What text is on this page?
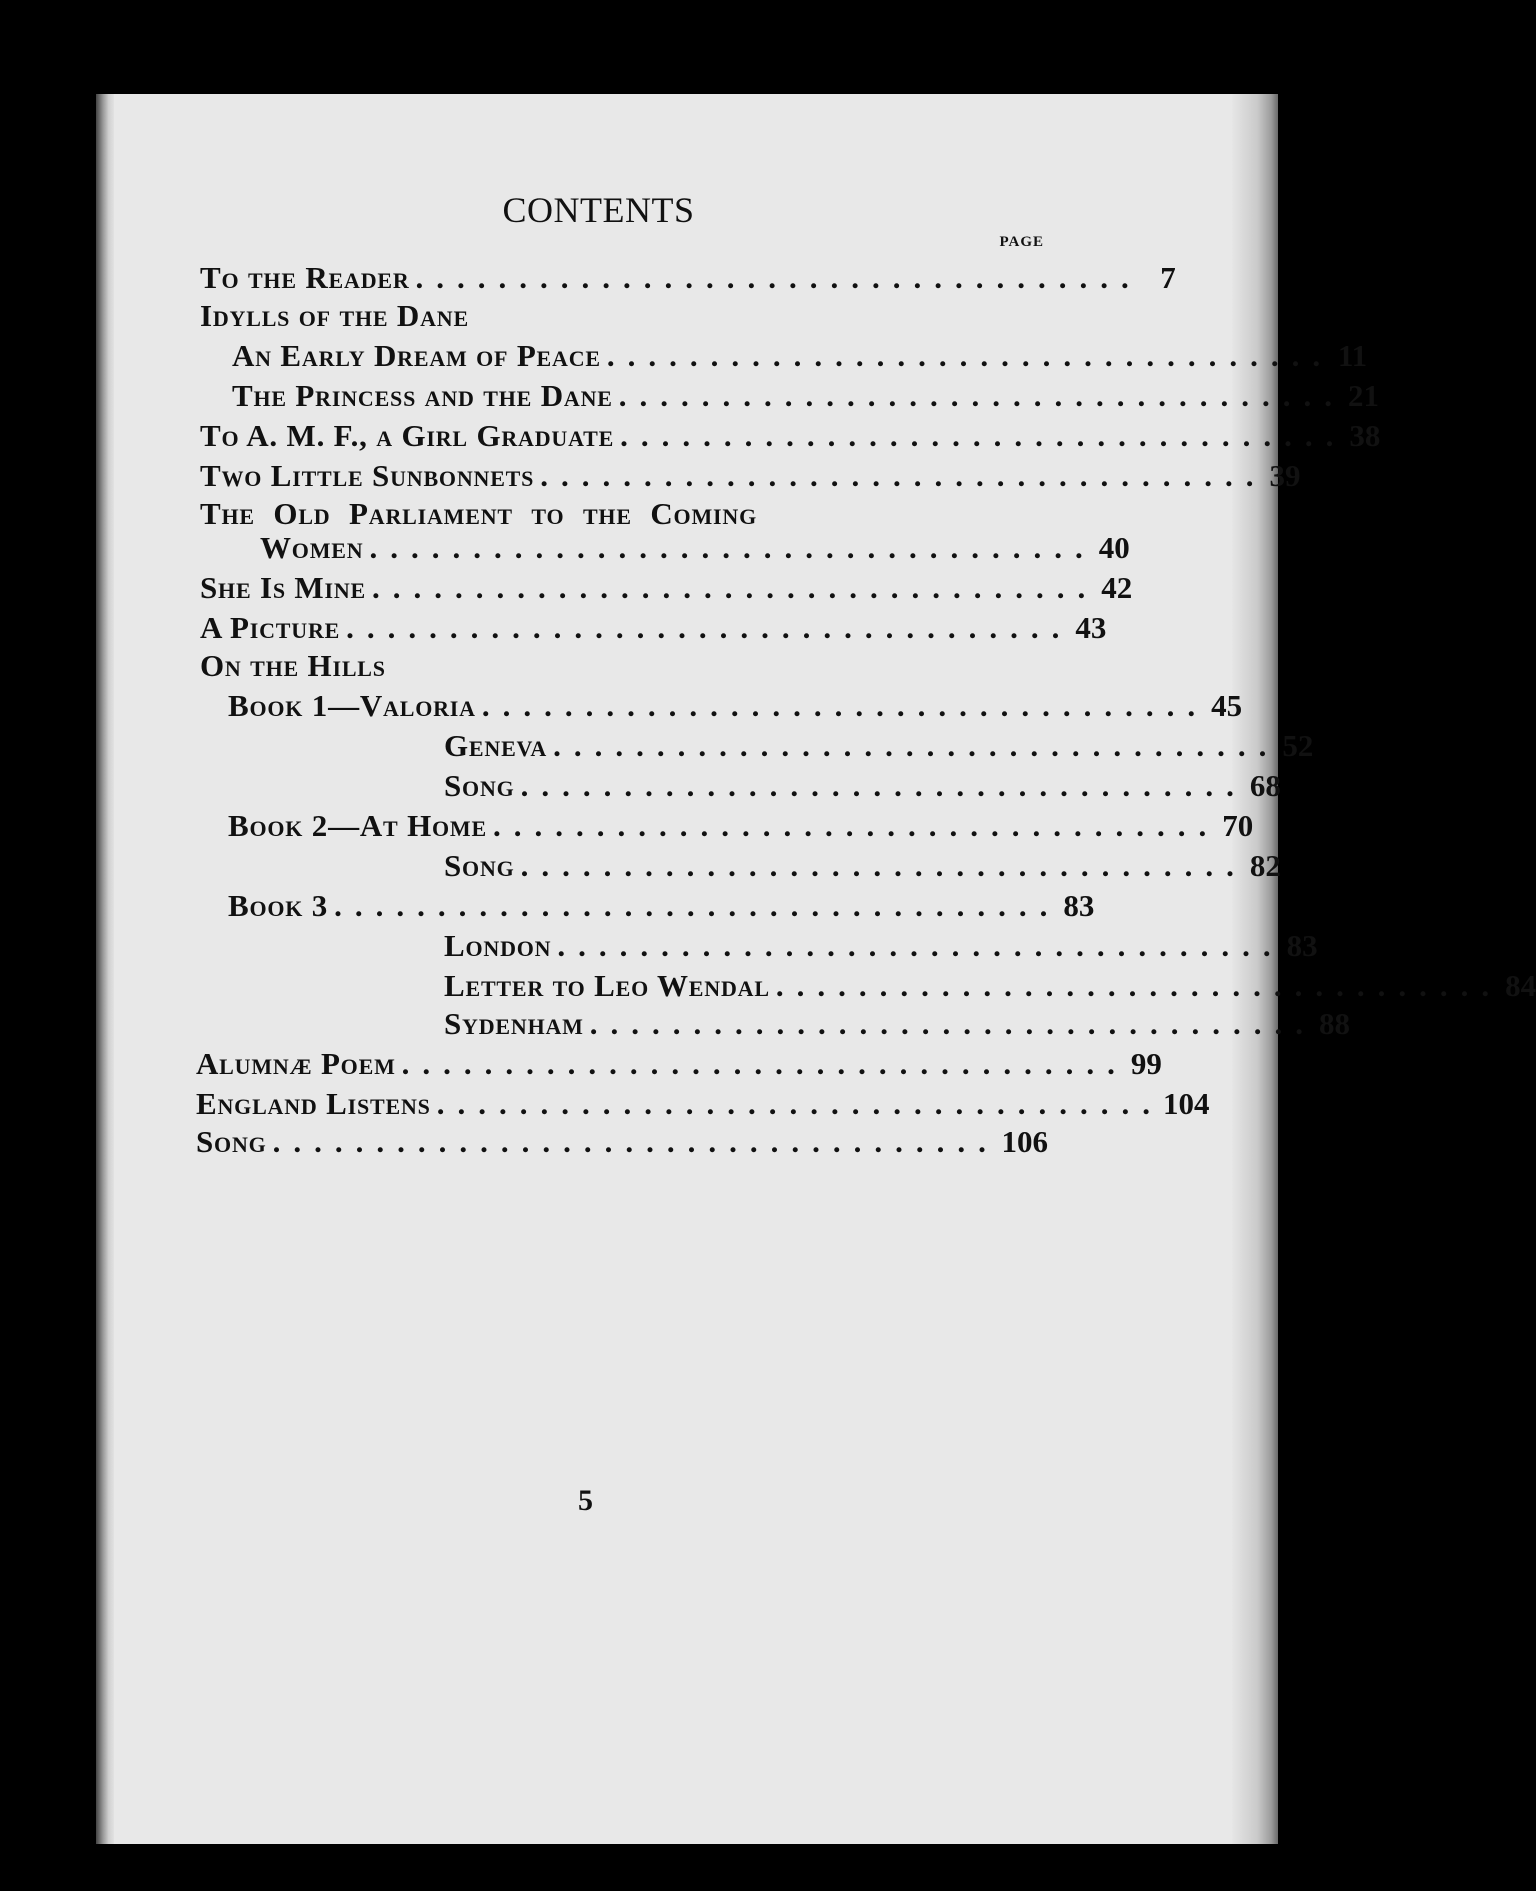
CONTENTS
PAGE
To the Reader ................................... 7
Idylls of the Dane
An Early Dream of Peace ................................... 11
The Princess and the Dane ................................... 21
To A. M. F., a Girl Graduate ................................... 38
Two Little Sunbonnets ................................... 39
The Old Parliament to the Coming
Women ................................... 40
She Is Mine ................................... 42
A Picture ................................... 43
On the Hills
Book 1—Valoria ................................... 45
Geneva ................................... 52
Song ................................... 68
Book 2—At Home ................................... 70
Song ................................... 82
Book 3 ................................... 83
London ................................... 83
Letter to Leo Wendal ................................... 84
Sydenham ................................... 88
Alumnæ Poem ................................... 99
England Listens ................................... 104
Song ................................... 106
5
